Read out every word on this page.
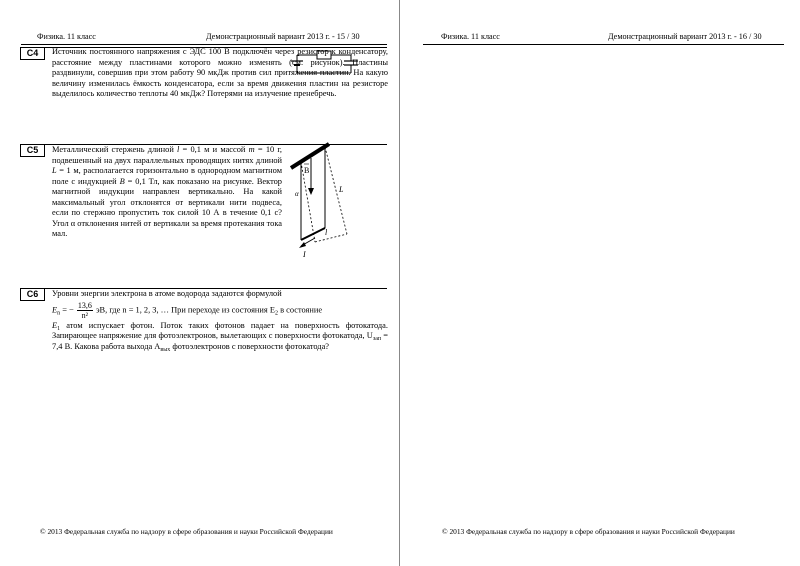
Физика. 11 класс	Демонстрационный вариант 2013 г. - 15 / 30
C4	Источник постоянного напряжения с ЭДС 100 В подключён через резистор к конденсатору, расстояние между пластинами которого можно изменять (см. рисунок). Пластины раздвинули, совершив при этом работу 90 мкДж против сил притяжения пластин. На какую величину изменилась ёмкость конденсатора, если за время движения пластин на резисторе выделилось количество теплоты 40 мкДж? Потерями на излучение пренебречь.

C5	Металлический стержень длиной l = 0,1 м и массой m = 10 г, подвешенный на двух параллельных проводящих нитях длиной L = 1 м, располагается горизонтально в однородном магнитном поле с индукцией B = 0,1 Тл, как показано на рисунке. Вектор магнитной индукции направлен вертикально. На какой максимальный угол отклонятся от вертикали нити подвеса, если по стержню пропустить ток силой 10 А в течение 0,1 с? Угол α отклонения нитей от вертикали за время протекания тока мал.

B
α	L
l
I
C6	Уровни энергии электрона в атоме водорода задаются формулой

$E_n$ = − $\frac{13,6}{\text{n²}}$ эВ, где n = 1, 2, 3, … При переходе из состояния $E_2$ в состояние

$E_1$ атом испускает фотон. Поток таких фотонов падает на поверхность фотокатода. Запирающее напряжение для фотоэлектронов, вылетающих с поверхности фотокатода, $U_{зап} = 7,4$ В. Какова работа выхода $A_{вых}$ фотоэлектронов с поверхности фотокатода?

© 2013 Федеральная служба по надзору в сфере образования и науки Российской Федерации
Физика. 11 класс	Демонстрационный вариант 2013 г. - 16 / 30
© 2013 Федеральная служба по надзору в сфере образования и науки Российской Федерации
